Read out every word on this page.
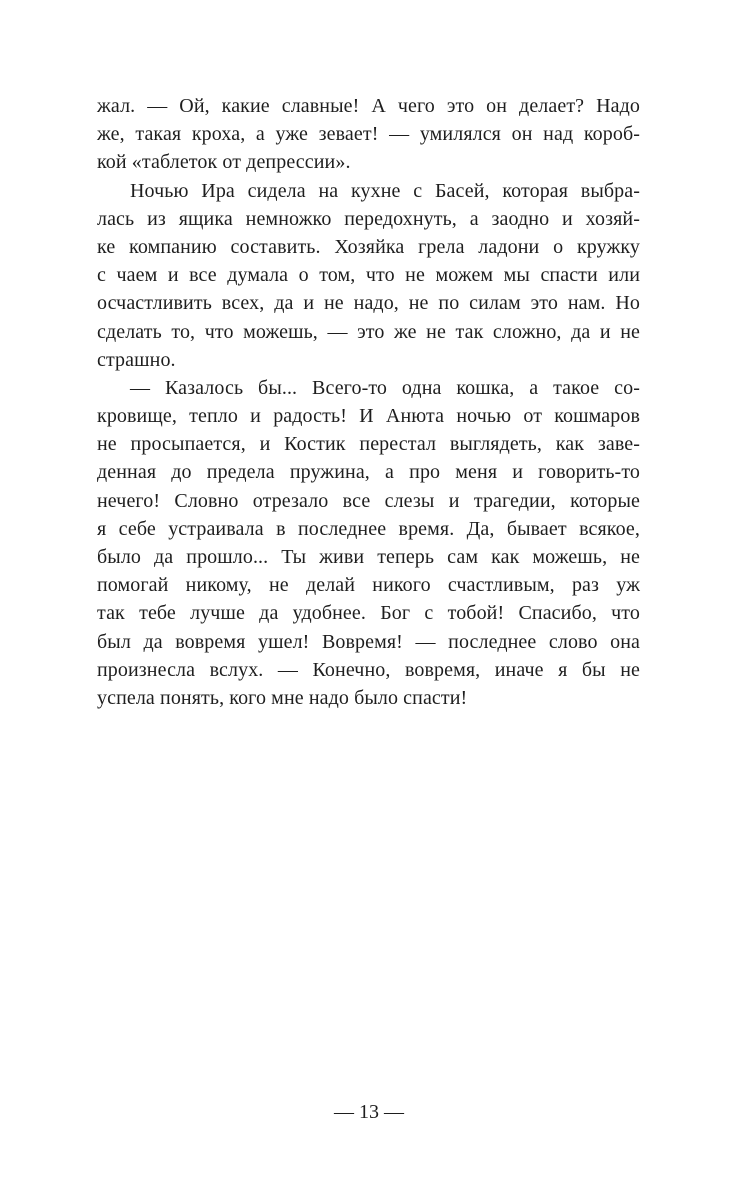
жал. — Ой, какие славные! А чего это он делает? Надо
же, такая кроха, а уже зевает! — умилялся он над короб-
кой «таблеток от депрессии».
Ночью Ира сидела на кухне с Басей, которая выбра-
лась из ящика немножко передохнуть, а заодно и хозяй-
ке компанию составить. Хозяйка грела ладони о кружку
с чаем и все думала о том, что не можем мы спасти или
осчастливить всех, да и не надо, не по силам это нам. Но
сделать то, что можешь, — это же не так сложно, да и не
страшно.
— Казалось бы... Всего-то одна кошка, а такое со-
кровище, тепло и радость! И Анюта ночью от кошмаров
не просыпается, и Костик перестал выглядеть, как заве-
денная до предела пружина, а про меня и говорить-то
нечего! Словно отрезало все слезы и трагедии, которые
я себе устраивала в последнее время. Да, бывает всякое,
было да прошло... Ты живи теперь сам как можешь, не
помогай никому, не делай никого счастливым, раз уж
так тебе лучше да удобнее. Бог с тобой! Спасибо, что
был да вовремя ушел! Вовремя! — последнее слово она
произнесла вслух. — Конечно, вовремя, иначе я бы не
успела понять, кого мне надо было спасти!
— 13 —
